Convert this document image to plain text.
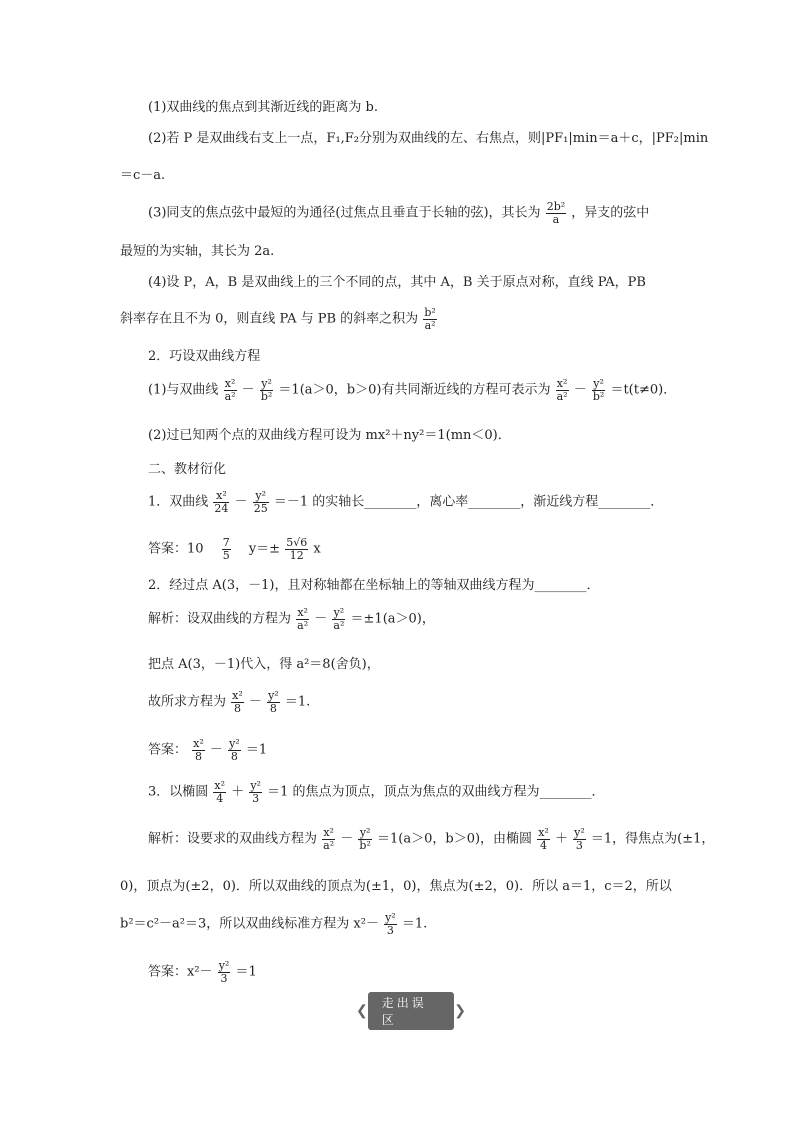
(1)双曲线的焦点到其渐近线的距离为 b.
(2)若 P 是双曲线右支上一点，F₁,F₂分别为双曲线的左、右焦点，则|PF₁|min＝a＋c，|PF₂|min
＝c－a.
(3)同支的焦点弦中最短的为通径(过焦点且垂直于长轴的弦)，其长为 $\frac{\text{2b²}}{a}$ ，异支的弦中
最短的为实轴，其长为 2a.
(4)设 P，A，B 是双曲线上的三个不同的点，其中 A，B 关于原点对称，直线 PA，PB
斜率存在且不为 0，则直线 PA 与 PB 的斜率之积为 $\frac{\text{b²}}{\text{a²}}$
2．巧设双曲线方程
(1)与双曲线 $\frac{\text{x²}}{\text{a²}} - \frac{\text{y²}}{\text{b²}} =1(a>0$，b＞0)有共同渐近线的方程可表示为 $\frac{\text{x²}}{\text{a²}} - \frac{\text{y²}}{\text{b²}} =t(t\ne 0)$．
(2)过已知两个点的双曲线方程可设为 mx²＋ny²＝1(mn＜0)．
二、教材衍化
1．双曲线 $\frac{\text{x²}}{24} - \frac{\text{y²}}{25} =-1$ 的实轴长________，离心率________，渐近线方程________．
答案：10　 $\frac{7}{5}$ 　$y=\pm \frac{5√6}{12}$ x
2．经过点 A(3，－1)，且对称轴都在坐标轴上的等轴双曲线方程为________．
解析：设双曲线的方程为 $\frac{\text{x²}}{\text{a²}} - \frac{\text{y²}}{\text{a²}} =\pm 1(a>0)$，
把点 A(3，－1)代入，得 a²＝8(舍负)，
故所求方程为 $\frac{\text{x²}}{8} - \frac{\text{y²}}{8} =1$.
答案： $\frac{\text{x²}}{8} - \frac{\text{y²}}{8} =1$
3．以椭圆 $\frac{\text{x²}}{4} + \frac{\text{y²}}{3} =1$ 的焦点为顶点，顶点为焦点的双曲线方程为________．
解析：设要求的双曲线方程为 $\frac{\text{x²}}{\text{a²}} - \frac{\text{y²}}{\text{b²}} =1(a>0$，b＞0)，由椭圆 $\frac{\text{x²}}{4} + \frac{\text{y²}}{3} =1$，得焦点为(±1，
0)，顶点为(±2，0)．所以双曲线的顶点为(±1，0)，焦点为(±2，0)．所以 a＝1，c＝2，所以
b²＝c²－a²＝3，所以双曲线标准方程为 $x^2- \frac{\text{y²}}{3} =1$.
答案：$x^2- \frac{\text{y²}}{3} =1$
❮	走出误区
❯
